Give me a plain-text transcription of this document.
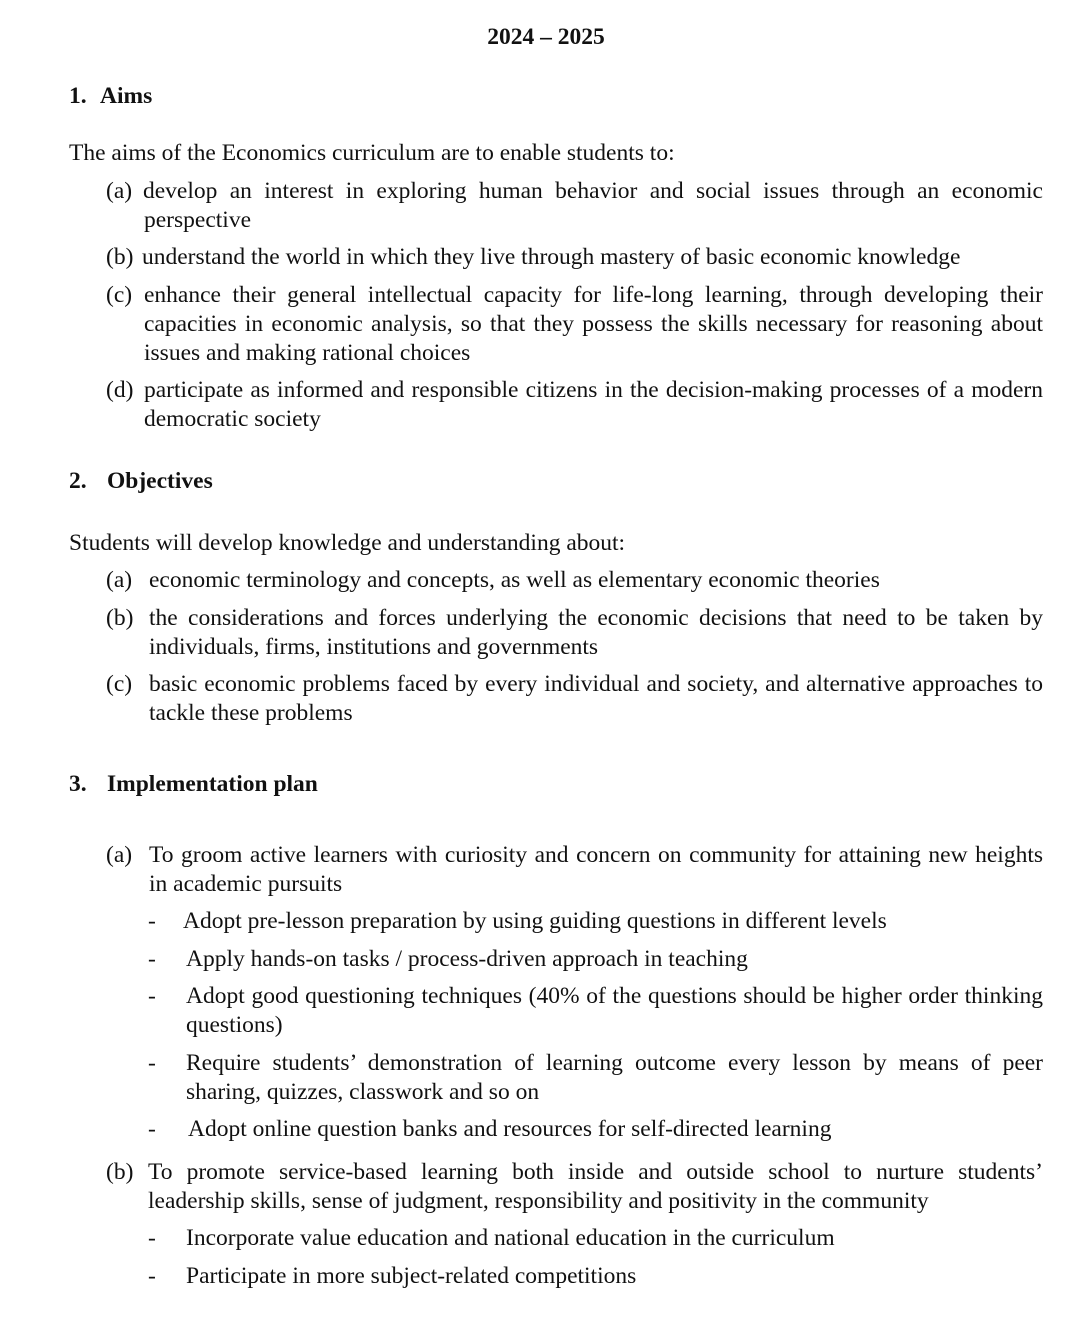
2024 – 2025
1. Aims
The aims of the Economics curriculum are to enable students to:
(a) develop an interest in exploring human behavior and social issues through an economic perspective
(b) understand the world in which they live through mastery of basic economic knowledge
(c) enhance their general intellectual capacity for life-long learning, through developing their capacities in economic analysis, so that they possess the skills necessary for reasoning about issues and making rational choices
(d) participate as informed and responsible citizens in the decision-making processes of a modern democratic society
2. Objectives
Students will develop knowledge and understanding about:
(a) economic terminology and concepts, as well as elementary economic theories
(b) the considerations and forces underlying the economic decisions that need to be taken by individuals, firms, institutions and governments
(c) basic economic problems faced by every individual and society, and alternative approaches to tackle these problems
3. Implementation plan
(a) To groom active learners with curiosity and concern on community for attaining new heights in academic pursuits
- Adopt pre-lesson preparation by using guiding questions in different levels
- Apply hands-on tasks / process-driven approach in teaching
- Adopt good questioning techniques (40% of the questions should be higher order thinking questions)
- Require students’ demonstration of learning outcome every lesson by means of peer sharing, quizzes, classwork and so on
- Adopt online question banks and resources for self-directed learning
(b) To promote service-based learning both inside and outside school to nurture students’ leadership skills, sense of judgment, responsibility and positivity in the community
- Incorporate value education and national education in the curriculum
- Participate in more subject-related competitions
